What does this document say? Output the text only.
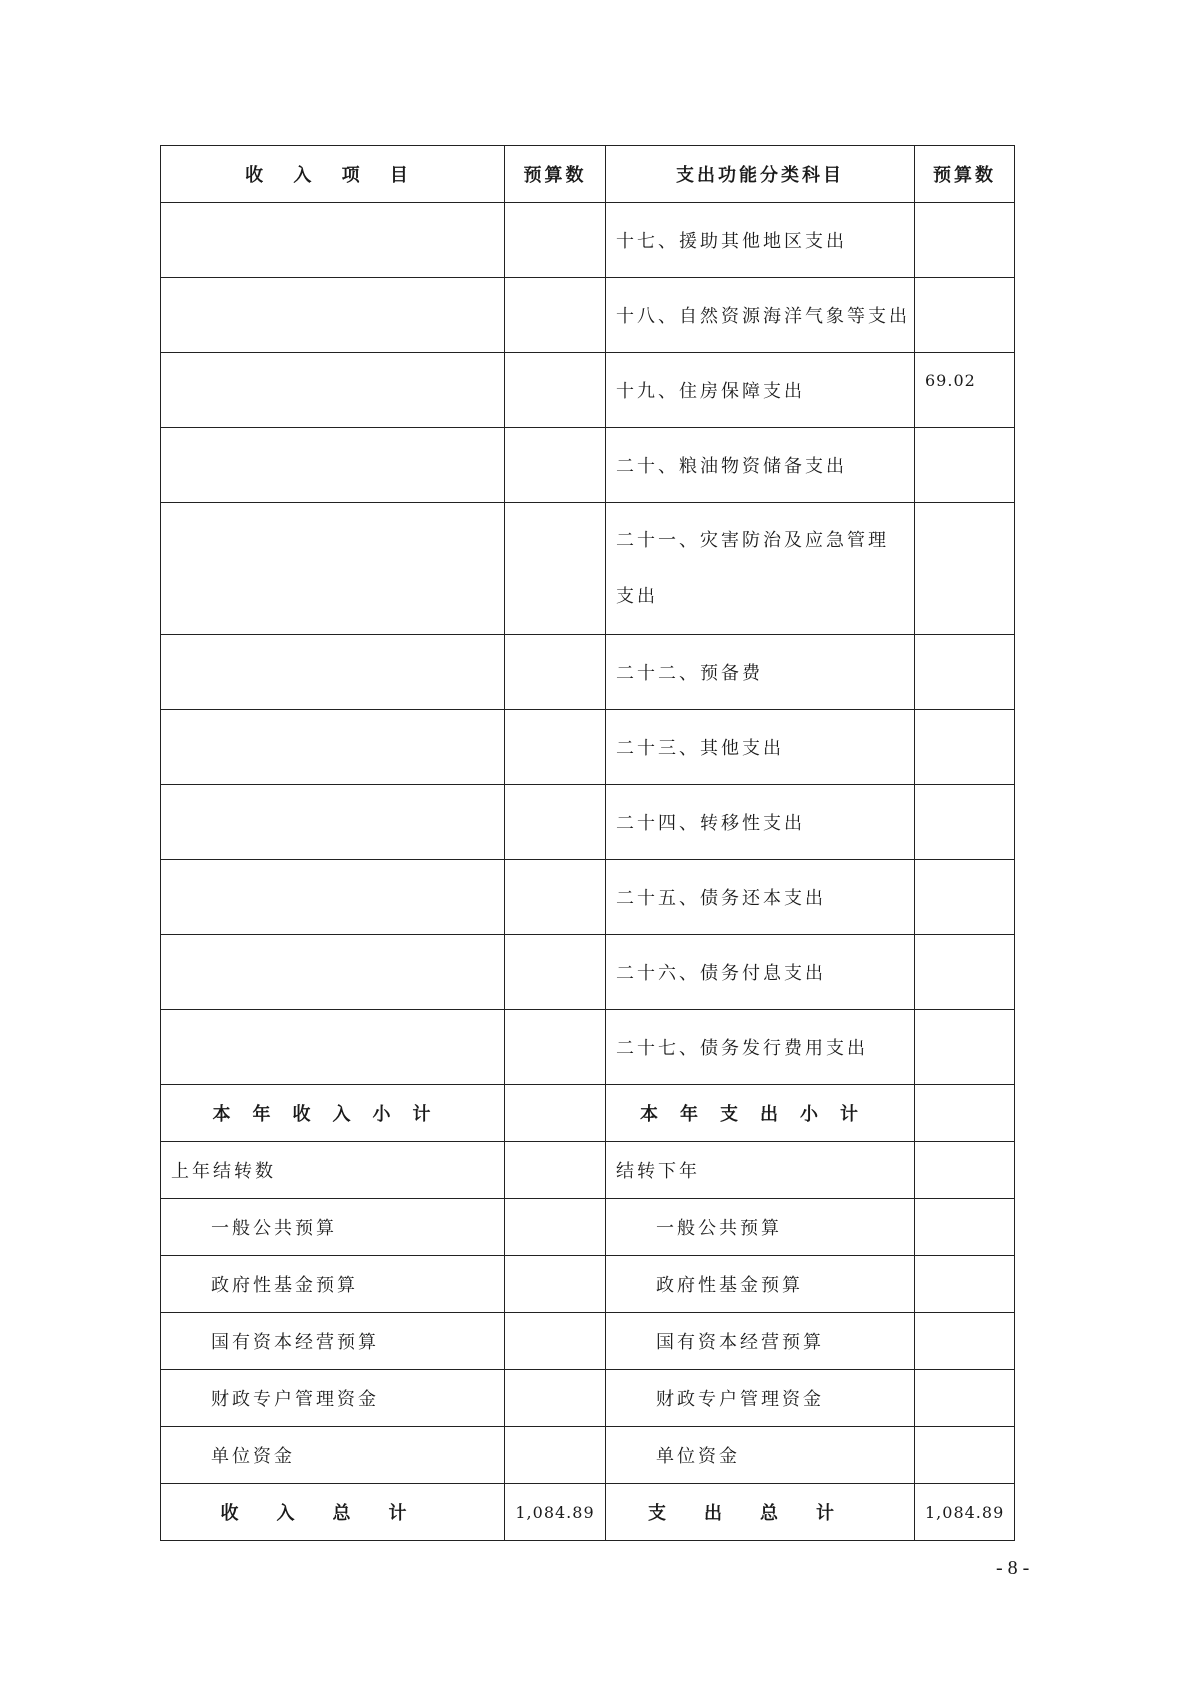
收 入 项 目	预算数	支出功能分类科目	预算数
		十七、援助其他地区支出	
		十八、自然资源海洋气象等支出	
		十九、住房保障支出	69.02
		二十、粮油物资储备支出	
		二十一、灾害防治及应急管理支出	
		二十二、预备费	
		二十三、其他支出	
		二十四、转移性支出	
		二十五、债务还本支出	
		二十六、债务付息支出	
		二十七、债务发行费用支出	
本年收入小计		本年支出小计	
上年结转数		结转下年	
一般公共预算		一般公共预算	
政府性基金预算		政府性基金预算	
国有资本经营预算		国有资本经营预算	
财政专户管理资金		财政专户管理资金	
单位资金		单位资金	
收入总计	1,084.89	支出总计	1,084.89
- 8 -
